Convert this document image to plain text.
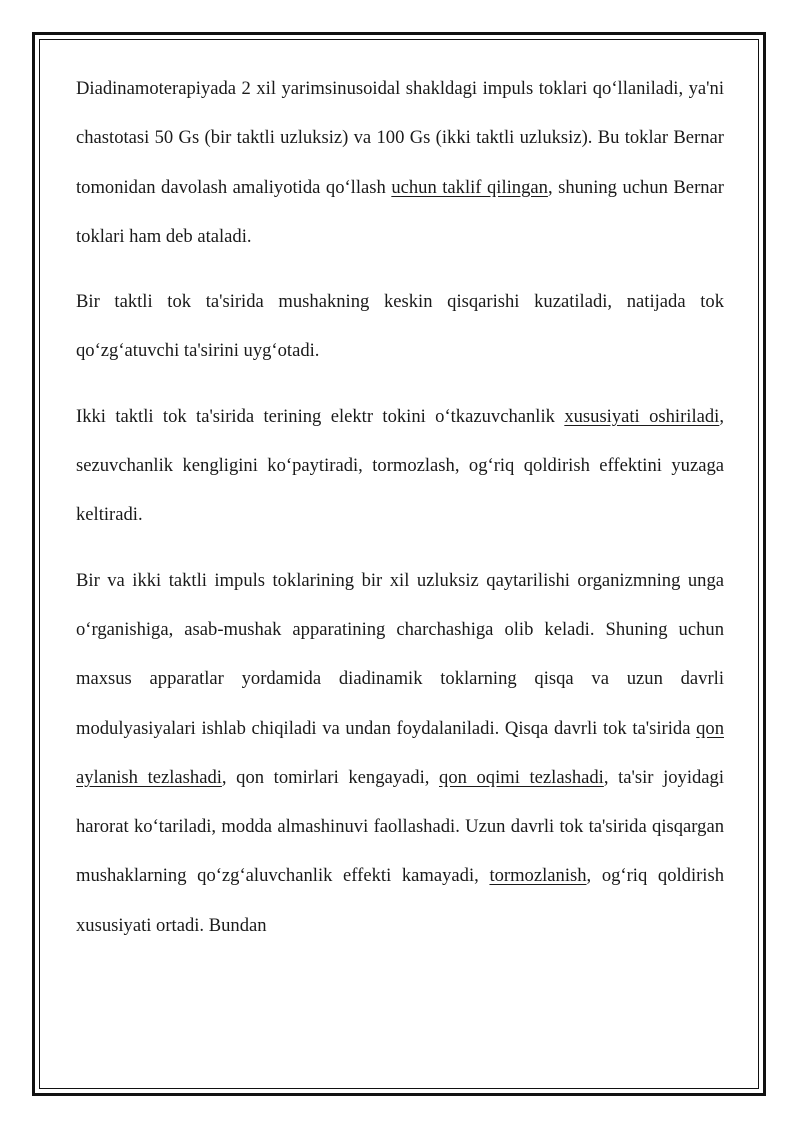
Diadinamoterapiyada 2 xil yarimsinusoidal shakldagi impuls toklari qo‘llaniladi, ya'ni chastotasi 50 Gs (bir taktli uzluksiz) va 100 Gs (ikki taktli uzluksiz). Bu toklar Bernar tomonidan davolash amaliyotida qo‘llash uchun taklif qilingan, shuning uchun Bernar toklari ham deb ataladi.

Bir taktli tok ta'sirida mushakning keskin qisqarishi kuzatiladi, natijada tok qo‘zg‘atuvchi ta'sirini uyg‘otadi.

Ikki taktli tok ta'sirida terining elektr tokini o‘tkazuvchanlik xususiyati oshiriladi, sezuvchanlik kengligini ko‘paytiradi, tormozlash, og‘riq qoldirish effektini yuzaga keltiradi.

Bir va ikki taktli impuls toklarining bir xil uzluksiz qaytarilishi organizmning unga o‘rganishiga, asab-mushak apparatining charchashiga olib keladi. Shuning uchun maxsus apparatlar yordamida diadinamik toklarning qisqa va uzun davrli modulyasiyalari ishlab chiqiladi va undan foydalaniladi. Qisqa davrli tok ta'sirida qon aylanish tezlashadi, qon tomirlari kengayadi, qon oqimi tezlashadi, ta'sir joyidagi harorat ko‘tariladi, modda almashinuvi faollashadi. Uzun davrli tok ta'sirida qisqargan mushaklarning qo‘zg‘aluvchanlik effekti kamayadi, tormozlanish, og‘riq qoldirish xususiyati ortadi. Bundan
